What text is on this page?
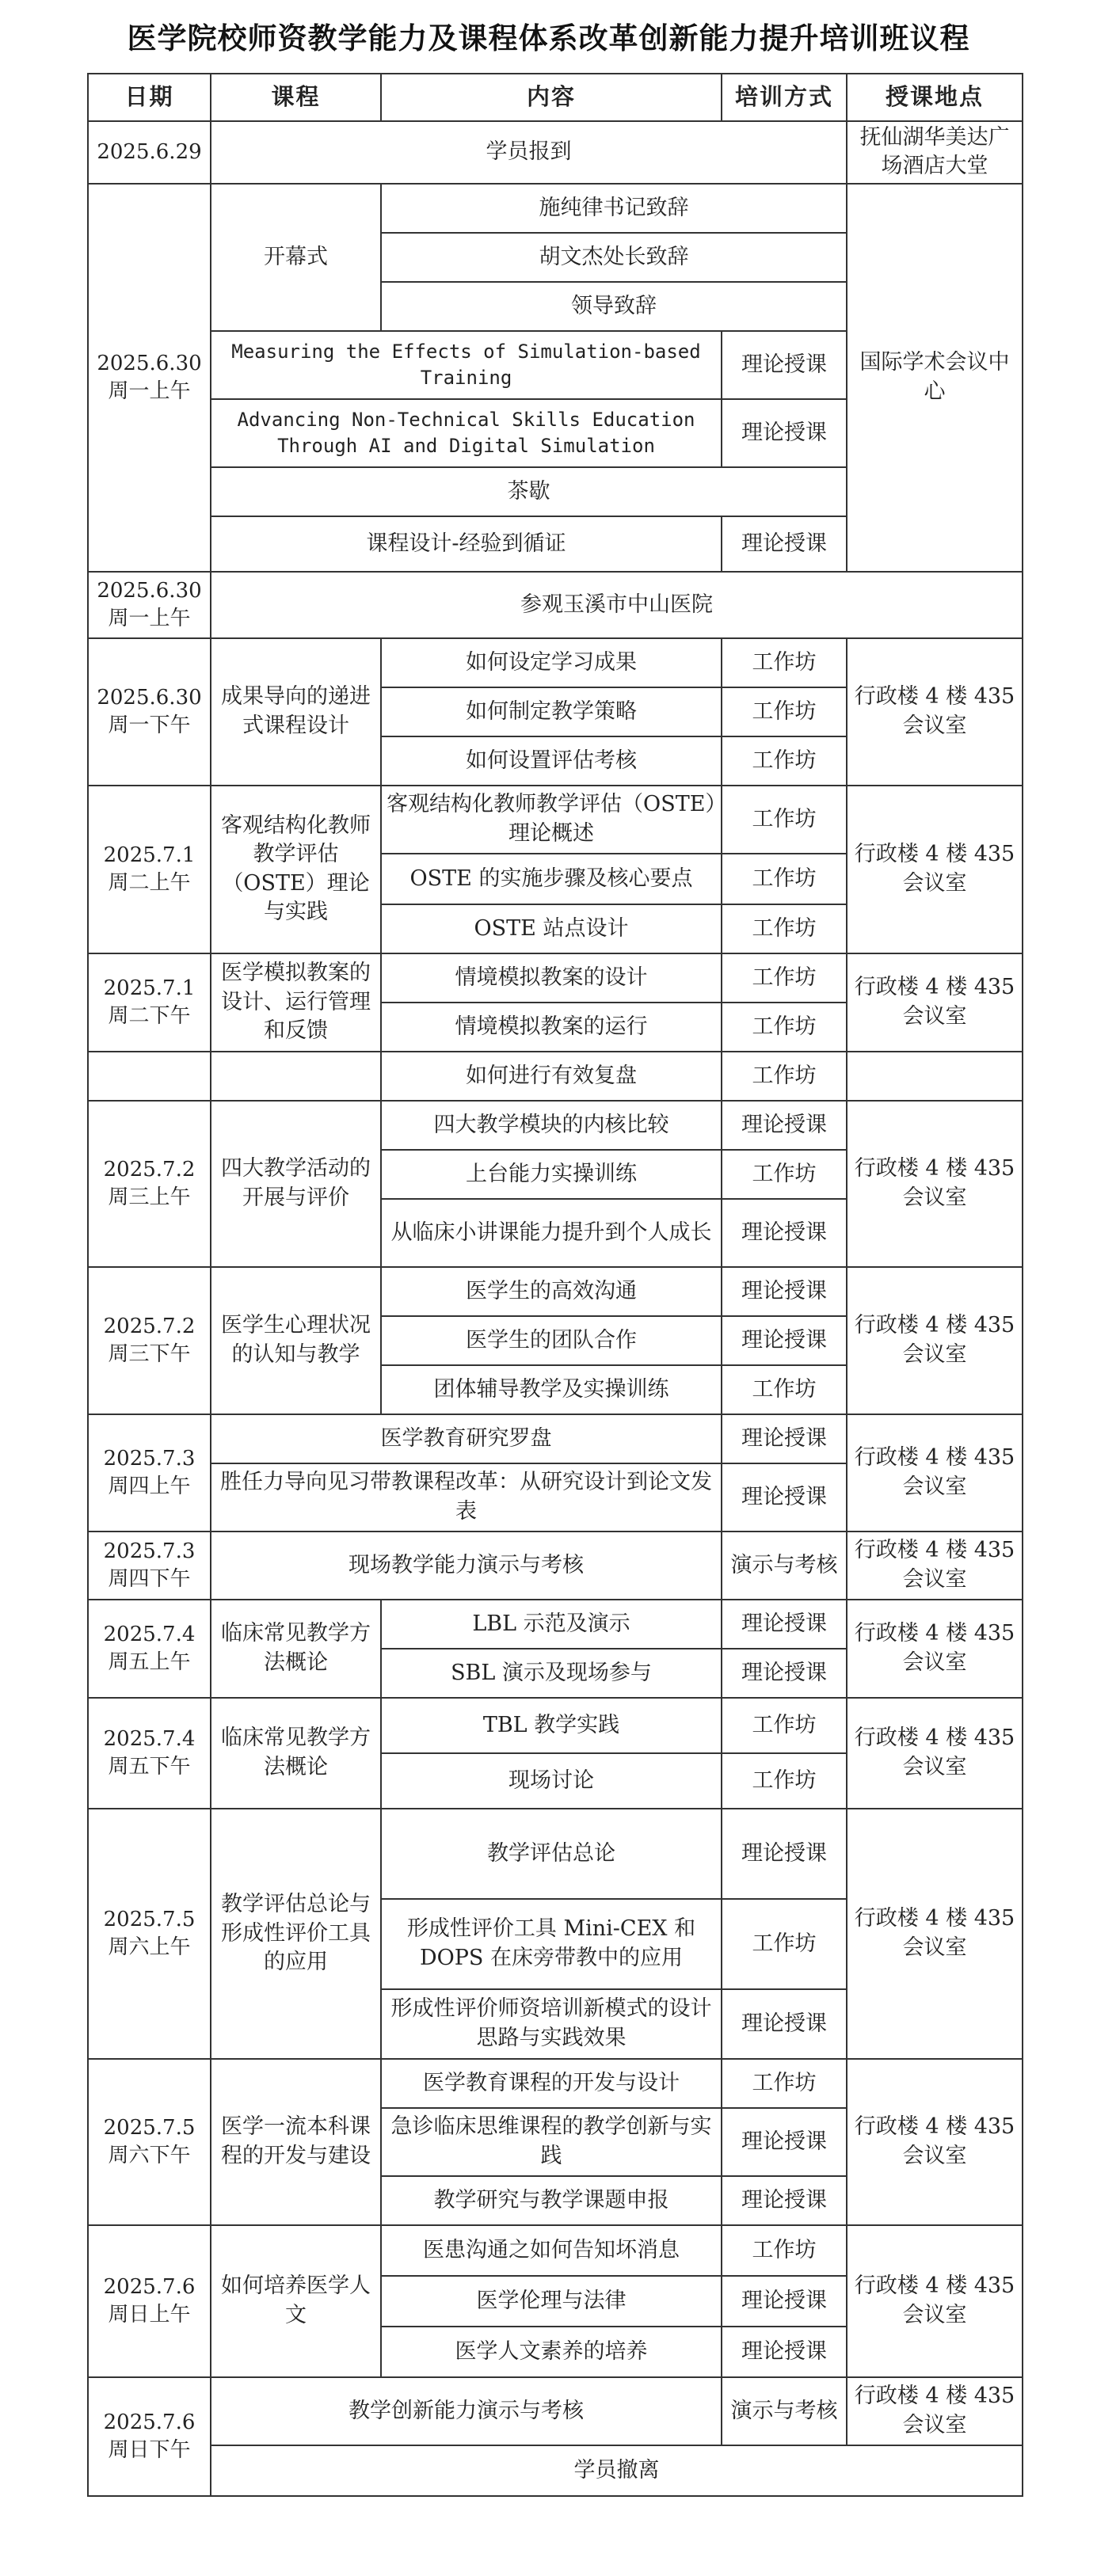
医学院校师资教学能力及课程体系改革创新能力提升培训班议程
日期	课程	内容	培训方式	授课地点
2025.6.29	学员报到			抚仙湖华美达广场酒店大堂
2025.6.30 周一上午	开幕式	施纯律书记致辞		国际学术会议中心
		胡文杰处长致辞		
		领导致辞		
	Measuring the Effects of Simulation-based Training		理论授课	
	Advancing Non-Technical Skills Education Through AI and Digital Simulation		理论授课	
	茶歇			
	课程设计-经验到循证		理论授课	
2025.6.30 周一上午	参观玉溪市中山医院			
2025.6.30 周一下午	成果导向的递进式课程设计	如何设定学习成果	工作坊	行政楼 4 楼 435 会议室
		如何制定教学策略	工作坊	
		如何设置评估考核	工作坊	
2025.7.1 周二上午	客观结构化教师教学评估（OSTE）理论与实践	客观结构化教师教学评估（OSTE）理论概述	工作坊	行政楼 4 楼 435 会议室
		OSTE 的实施步骤及核心要点	工作坊	
		OSTE 站点设计	工作坊	
2025.7.1 周二下午	医学模拟教案的设计、运行管理和反馈	情境模拟教案的设计	工作坊	行政楼 4 楼 435 会议室
		情境模拟教案的运行	工作坊	
		如何进行有效复盘	工作坊	
2025.7.2 周三上午	四大教学活动的开展与评价	四大教学模块的内核比较	理论授课	行政楼 4 楼 435 会议室
		上台能力实操训练	工作坊	
		从临床小讲课能力提升到个人成长	理论授课	
2025.7.2 周三下午	医学生心理状况的认知与教学	医学生的高效沟通	理论授课	行政楼 4 楼 435 会议室
		医学生的团队合作	理论授课	
		团体辅导教学及实操训练	工作坊	
2025.7.3 周四上午	医学教育研究罗盘		理论授课	行政楼 4 楼 435 会议室
	胜任力导向见习带教课程改革：从研究设计到论文发表		理论授课	
2025.7.3 周四下午	现场教学能力演示与考核		演示与考核	行政楼 4 楼 435 会议室
2025.7.4 周五上午	临床常见教学方法概论	LBL 示范及演示	理论授课	行政楼 4 楼 435 会议室
		SBL 演示及现场参与	理论授课	
2025.7.4 周五下午	临床常见教学方法概论	TBL 教学实践	工作坊	行政楼 4 楼 435 会议室
		现场讨论	工作坊	
2025.7.5 周六上午	教学评估总论与形成性评价工具的应用	教学评估总论	理论授课	行政楼 4 楼 435 会议室
		形成性评价工具 Mini-CEX 和 DOPS 在床旁带教中的应用	工作坊	
		形成性评价师资培训新模式的设计思路与实践效果	理论授课	
2025.7.5 周六下午	医学一流本科课程的开发与建设	医学教育课程的开发与设计	工作坊	行政楼 4 楼 435 会议室
		急诊临床思维课程的教学创新与实践	理论授课	
		教学研究与教学课题申报	理论授课	
2025.7.6 周日上午	如何培养医学人文	医患沟通之如何告知坏消息	工作坊	行政楼 4 楼 435 会议室
		医学伦理与法律	理论授课	
		医学人文素养的培养	理论授课	
2025.7.6 周日下午	教学创新能力演示与考核		演示与考核	行政楼 4 楼 435 会议室
	学员撤离			
